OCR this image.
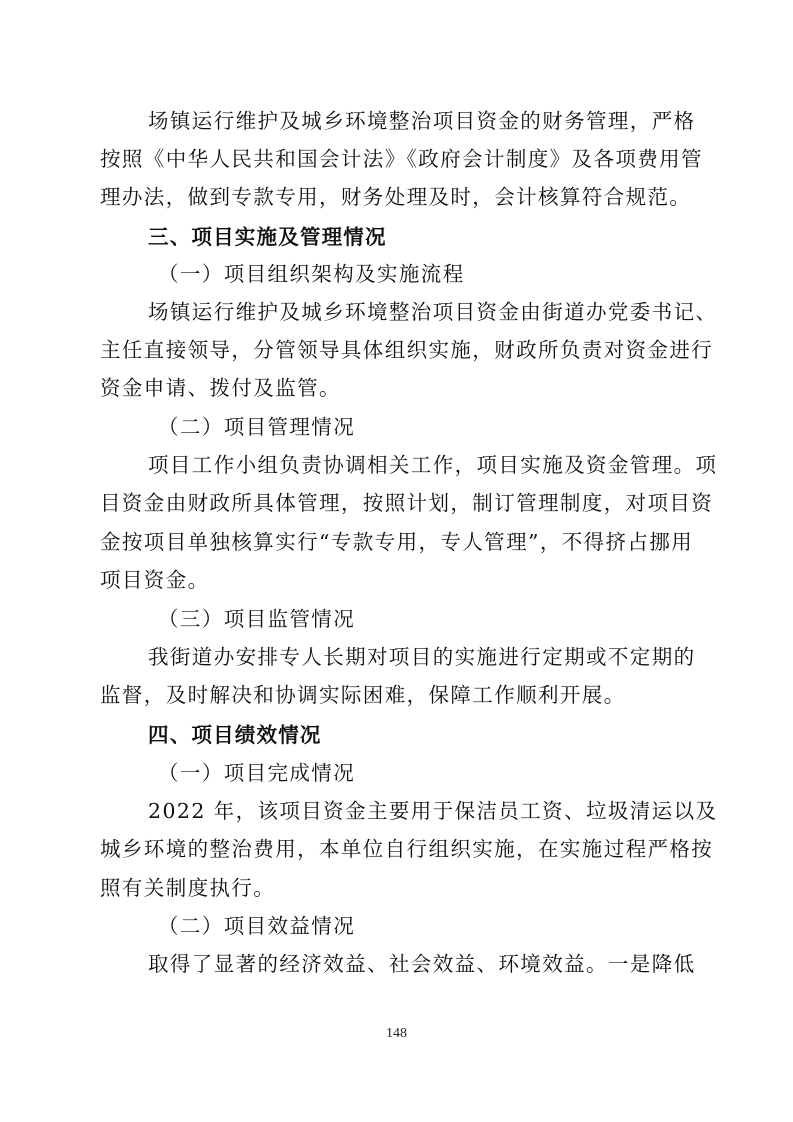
场镇运行维护及城乡环境整治项目资金的财务管理，严格
按照《中华人民共和国会计法》《政府会计制度》及各项费用管
理办法，做到专款专用，财务处理及时，会计核算符合规范。
三、项目实施及管理情况
（一）项目组织架构及实施流程
场镇运行维护及城乡环境整治项目资金由街道办党委书记、
主任直接领导，分管领导具体组织实施，财政所负责对资金进行
资金申请、拨付及监管。
（二）项目管理情况
项目工作小组负责协调相关工作，项目实施及资金管理。项
目资金由财政所具体管理，按照计划，制订管理制度，对项目资
金按项目单独核算实行“专款专用，专人管理”，不得挤占挪用
项目资金。
（三）项目监管情况
我街道办安排专人长期对项目的实施进行定期或不定期的
监督，及时解决和协调实际困难，保障工作顺利开展。
四、项目绩效情况
（一）项目完成情况
2022 年，该项目资金主要用于保洁员工资、垃圾清运以及
城乡环境的整治费用，本单位自行组织实施，在实施过程严格按
照有关制度执行。
（二）项目效益情况
取得了显著的经济效益、社会效益、环境效益。一是降低
148
